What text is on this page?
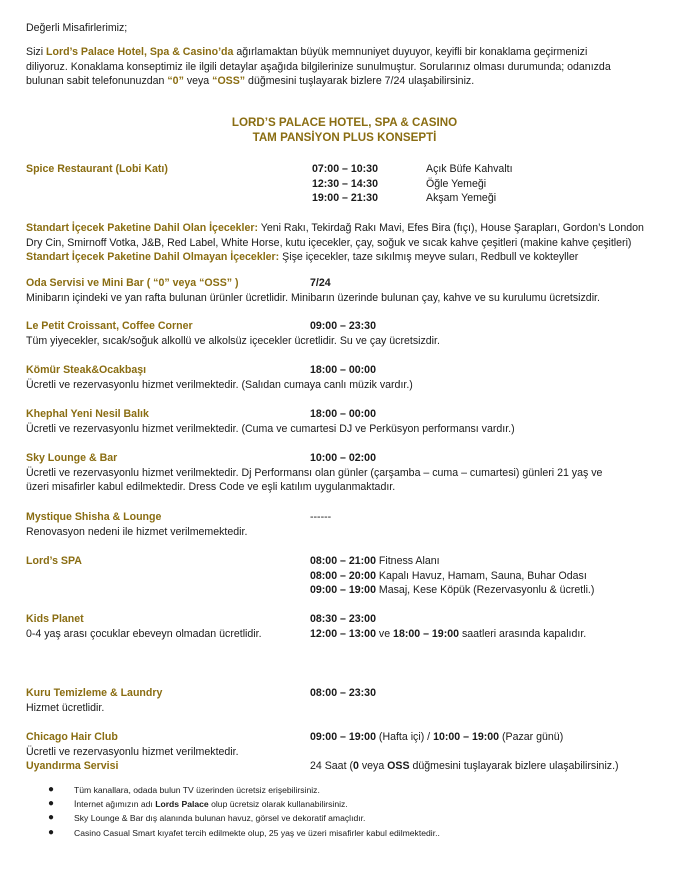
Değerli Misafirlerimiz;

Sizi Lord’s Palace Hotel, Spa & Casino’da ağırlamaktan büyük memnuniyet duyuyor, keyifli bir konaklama geçirmenizi

diliyoruz. Konaklama konseptimiz ile ilgili detaylar aşağıda bilgilerinize sunulmuştur. Sorularınız olması durumunda; odanızda

bulunan sabit telefonunuzdan “0” veya “OSS” düğmesini tuşlayarak bizlere 7/24 ulaşabilirsiniz.

LORD’S PALACE HOTEL, SPA & CASINO

TAM PANSİYON PLUS KONSEPTİ

Spice Restaurant (Lobi Katı)	07:00 – 10:30	Açık Büfe Kahvaltı
12:30 – 14:30	Öğle Yemeği
19:00 – 21:30	Akşam Yemeği

Standart İçecek Paketine Dahil Olan İçecekler: Yeni Rakı, Tekirdağ Rakı Mavi, Efes Bira (fıçı), House Şarapları, Gordon’s London

Dry Cin, Smirnoff Votka, J&B, Red Label, White Horse, kutu içecekler, çay, soğuk ve sıcak kahve çeşitleri (makine kahve çeşitleri)

Standart İçecek Paketine Dahil Olmayan İçecekler: Şişe içecekler, taze sıkılmış meyve suları, Redbull ve kokteyller

Oda Servisi ve Mini Bar ( “0” veya “OSS” )	7/24
Minibarın içindeki ve yan rafta bulunan ürünler ücretlidir. Minibarın üzerinde bulunan çay, kahve ve su kurulumu ücretsizdir.
Le Petit Croissant, Coffee Corner	09:00 – 23:30
Tüm yiyecekler, sıcak/soğuk alkollü ve alkolsüz içecekler ücretlidir. Su ve çay ücretsizdir.
Kömür Steak&Ocakbaşı	18:00 – 00:00
Ücretli ve rezervasyonlu hizmet verilmektedir. (Salıdan cumaya canlı müzik vardır.)
Khephal Yeni Nesil Balık	18:00 – 00:00
Ücretli ve rezervasyonlu hizmet verilmektedir. (Cuma ve cumartesi DJ ve Perküsyon performansı vardır.)
Sky Lounge & Bar	10:00 – 02:00
Ücretli ve rezervasyonlu hizmet verilmektedir. Dj Performansı olan günler (çarşamba – cuma – cumartesi) günleri 21 yaş ve
üzeri misafirler kabul edilmektedir. Dress Code ve eşli katılım uygulanmaktadır.
Mystique Shisha & Lounge	------
Renovasyon nedeni ile hizmet verilmemektedir.
Lord’s SPA	08:00 – 21:00 Fitness Alanı
08:00 – 20:00 Kapalı Havuz, Hamam, Sauna, Buhar Odası
09:00 – 19:00 Masaj, Kese Köpük (Rezervasyonlu & ücretli.)
Kids Planet	08:30 – 23:00
0-4 yaş arası çocuklar ebeveyn olmadan ücretlidir.	12:00 – 13:00 ve 18:00 – 19:00 saatleri arasında kapalıdır.
Kuru Temizleme & Laundry	08:00 – 23:30
Hizmet ücretlidir.
Chicago Hair Club	09:00 – 19:00 (Hafta içi) / 10:00 – 19:00 (Pazar günü)
Ücretli ve rezervasyonlu hizmet verilmektedir.
Uyandırma Servisi	24 Saat (0 veya OSS düğmesini tuşlayarak bizlere ulaşabilirsiniz.)
● Tüm kanallara, odada bulun TV üzerinden ücretsiz erişebilirsiniz.
● İnternet ağımızın adı Lords Palace olup ücretsiz olarak kullanabilirsiniz.
● Sky Lounge & Bar dış alanında bulunan havuz, görsel ve dekoratif amaçlıdır.
● Casino Casual Smart kıyafet tercih edilmekte olup, 25 yaş ve üzeri misafirler kabul edilmektedir..
